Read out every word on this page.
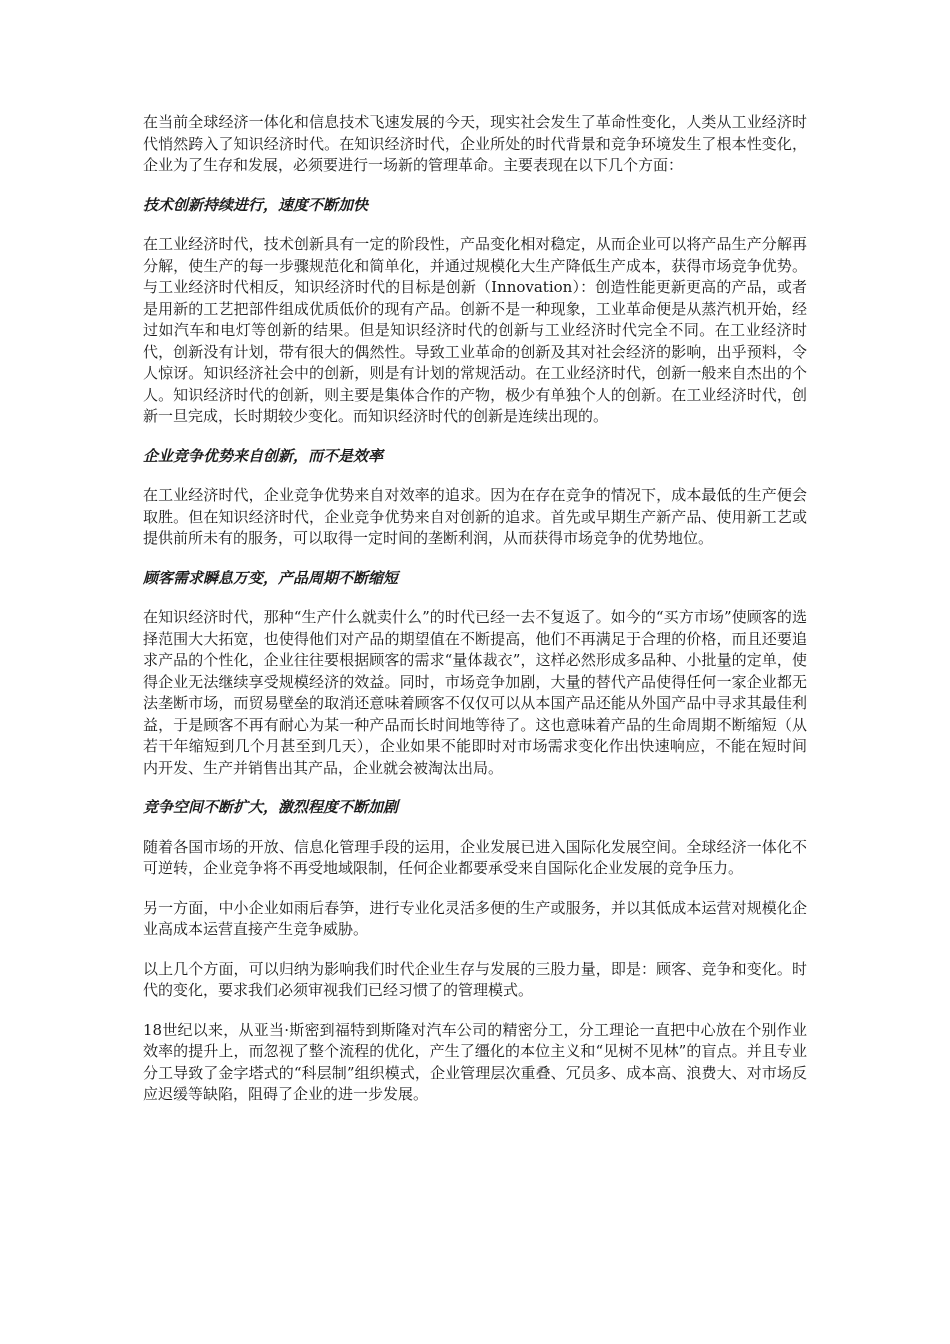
在当前全球经济一体化和信息技术飞速发展的今天，现实社会发生了革命性变化，人类从工业经济时代悄然跨入了知识经济时代。在知识经济时代，企业所处的时代背景和竞争环境发生了根本性变化，企业为了生存和发展，必须要进行一场新的管理革命。主要表现在以下几个方面：

技术创新持续进行，速度不断加快

在工业经济时代，技术创新具有一定的阶段性，产品变化相对稳定，从而企业可以将产品生产分解再分解，使生产的每一步骤规范化和简单化，并通过规模化大生产降低生产成本，获得市场竞争优势。与工业经济时代相反，知识经济时代的目标是创新（Innovation）：创造性能更新更高的产品，或者是用新的工艺把部件组成优质低价的现有产品。创新不是一种现象，工业革命便是从蒸汽机开始，经过如汽车和电灯等创新的结果。但是知识经济时代的创新与工业经济时代完全不同。在工业经济时代，创新没有计划，带有很大的偶然性。导致工业革命的创新及其对社会经济的影响，出乎预料，令人惊讶。知识经济社会中的创新，则是有计划的常规活动。在工业经济时代，创新一般来自杰出的个人。知识经济时代的创新，则主要是集体合作的产物，极少有单独个人的创新。在工业经济时代，创新一旦完成，长时期较少变化。而知识经济时代的创新是连续出现的。

企业竞争优势来自创新，而不是效率

在工业经济时代，企业竞争优势来自对效率的追求。因为在存在竞争的情况下，成本最低的生产便会取胜。但在知识经济时代，企业竞争优势来自对创新的追求。首先或早期生产新产品、使用新工艺或提供前所未有的服务，可以取得一定时间的垄断利润，从而获得市场竞争的优势地位。

顾客需求瞬息万变，产品周期不断缩短

在知识经济时代，那种“生产什么就卖什么”的时代已经一去不复返了。如今的“买方市场”使顾客的选择范围大大拓宽，也使得他们对产品的期望值在不断提高，他们不再满足于合理的价格，而且还要追求产品的个性化，企业往往要根据顾客的需求“量体裁衣”，这样必然形成多品种、小批量的定单，使得企业无法继续享受规模经济的效益。同时，市场竞争加剧，大量的替代产品使得任何一家企业都无法垄断市场，而贸易壁垒的取消还意味着顾客不仅仅可以从本国产品还能从外国产品中寻求其最佳利益，于是顾客不再有耐心为某一种产品而长时间地等待了。这也意味着产品的生命周期不断缩短（从若干年缩短到几个月甚至到几天），企业如果不能即时对市场需求变化作出快速响应，不能在短时间内开发、生产并销售出其产品，企业就会被淘汰出局。

竞争空间不断扩大，激烈程度不断加剧

随着各国市场的开放、信息化管理手段的运用，企业发展已进入国际化发展空间。全球经济一体化不可逆转，企业竞争将不再受地域限制，任何企业都要承受来自国际化企业发展的竞争压力。

另一方面，中小企业如雨后春笋，进行专业化灵活多便的生产或服务，并以其低成本运营对规模化企业高成本运营直接产生竞争威胁。

以上几个方面，可以归纳为影响我们时代企业生存与发展的三股力量，即是：顾客、竞争和变化。时代的变化，要求我们必须审视我们已经习惯了的管理模式。

18世纪以来，从亚当·斯密到福特到斯隆对汽车公司的精密分工，分工理论一直把中心放在个别作业效率的提升上，而忽视了整个流程的优化，产生了缰化的本位主义和“见树不见林”的盲点。并且专业分工导致了金字塔式的“科层制”组织模式，企业管理层次重叠、冗员多、成本高、浪费大、对市场反应迟缓等缺陷，阻碍了企业的进一步发展。
